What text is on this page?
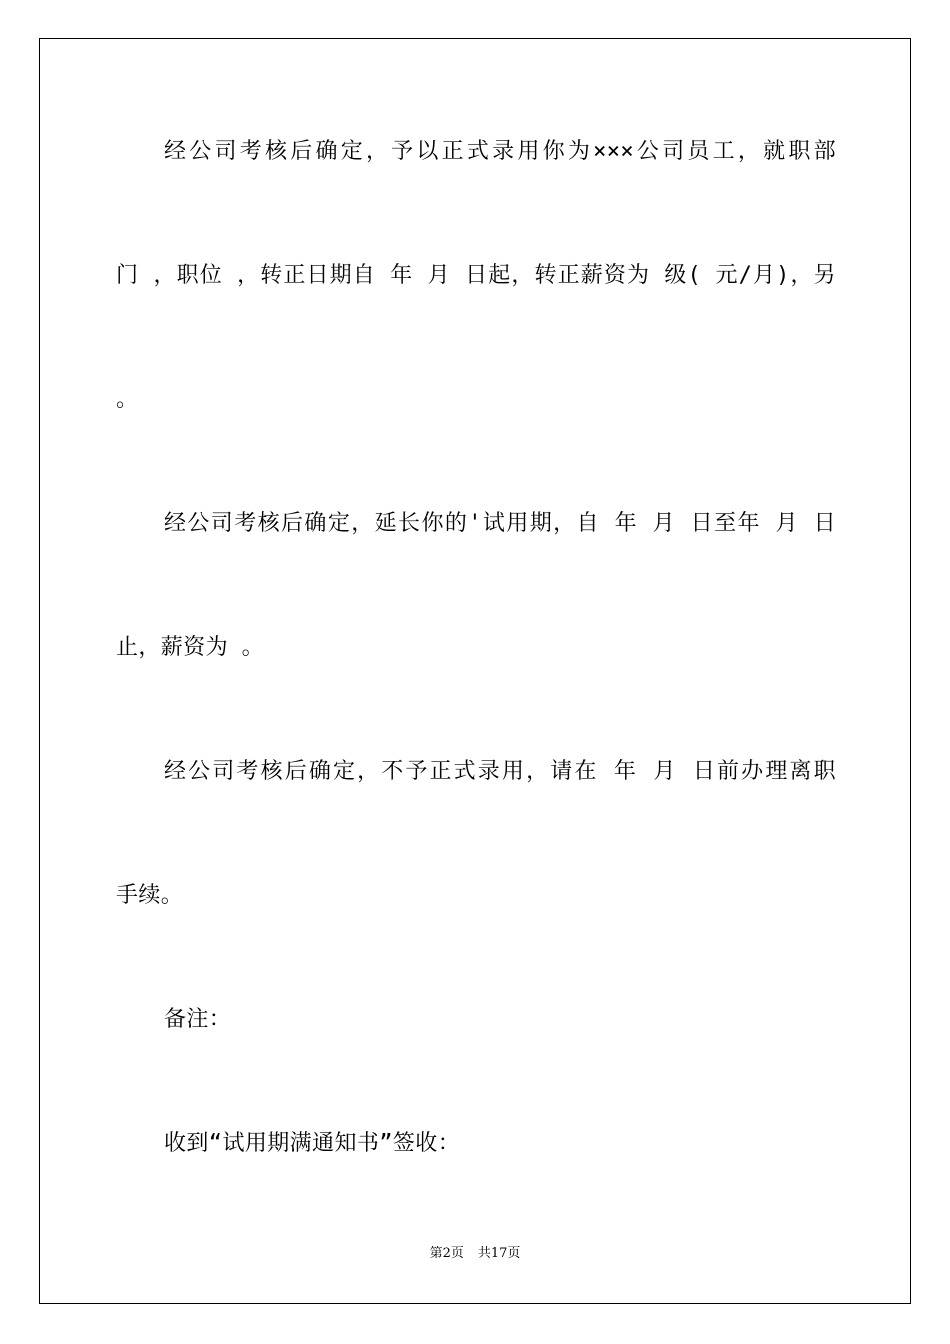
经公司考核后确定，予以正式录用你为×××公司员工，就职部
门 ，职位 ，转正日期自 年 月 日起，转正薪资为 级( 元/月)，另
。
经公司考核后确定，延长你的'试用期，自 年 月 日至年 月 日
止，薪资为 。
经公司考核后确定，不予正式录用，请在 年 月 日前办理离职
手续。
备注：
收到“试用期满通知书”签收：
第2页 共17页
